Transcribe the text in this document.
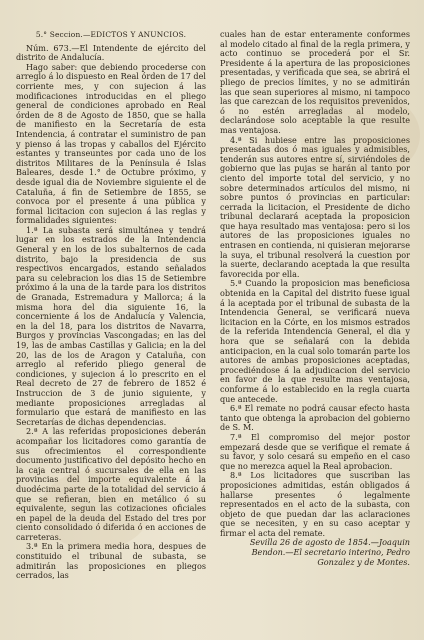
5.° Seccion.—EDICTOS Y ANUNCIOS.

Núm. 673.—El Intendente de ejército del distrito de Andalucía.

Hago saber: que debiendo procederse con arreglo á lo dispuesto en Real órden de 17 del corriente mes, y con sujecion á las modificaciones introducidas en el pliego general de condiciones aprobado en Real órden de 8 de Agosto de 1850, que se halla de manifiesto en la Secretaría de esta Intendencia, á contratar el suministro de pan y pienso á las tropas y caballos del Ejército estantes y transeuntes por cada uno de los distritos Militares de la Península é Islas Baleares, desde 1.° de Octubre próximo, y desde igual dia de Noviembre siguiente el de Cataluña, á fin de Setiembre de 1855, se convoca por el presente á una pública y formal licitacion con sujecion á las reglas y formalidades siguientes:

1.ª La subasta será simultánea y tendrá lugar en los estrados de la Intendencia General y en los de los subalternos de cada distrito, bajo la presidencia de sus respectivos encargados, estando señalados para su celebracion los dias 15 de Setiembre próximo á la una de la tarde para los distritos de Granada, Estremadura y Mallorca; á la misma hora del dia siguiente 16, la concerniente á los de Andalucía y Valencia, en la del 18, para los distritos de Navarra, Burgos y provincias Vascongadas; en las del 19, las de ambas Castillas y Galicia; en la del 20, las de los de Aragon y Cataluña, con arreglo al referido pliego general de condiciones, y sujecion á lo prescrito en el Real decreto de 27 de febrero de 1852 é Instruccion de 3 de junio siguiente, y mediante proposiciones arregladas al formulario que estará de manifiesto en las Secretarías de dichas dependencias.

2.ª A las referidas proposiciones deberán acompañar los licitadores como garantía de sus ofrecimientos el correspondiente documento justificativo del depósito hecho en la caja central ó sucursales de ella en las provincias del importe equivalente á la duodécima parte de la totalidad del servicio á que se refieran, bien en metálico ó su equivalente, segun las cotizaciones oficiales en papel de la deuda del Estado del tres por ciento consolidado ó diferida ó en acciones de carreteras.

3.ª En la primera media hora, despues de constituido el tribunal de subasta, se admitirán las proposiciones en pliegos cerrados, las

cuales han de estar enteramente conformes al modelo citado al final de la regla primera, y acto continuo se procederá por el Sr. Presidente á la apertura de las proposiciones presentadas, y verificada que sea, se abrirá el pliego de precios límites, y no se admitirán las que sean superiores al mismo, ni tampoco las que carezcan de los requisitos prevenidos, ó no estén arregladas al modelo, declarándose solo aceptable la que resulte mas ventajosa.

4.ª Si hubiese entre las proposiciones presentadas dos ó mas iguales y admisibles, tenderán sus autores entre sí, sirviéndoles de gobierno que las pujas se harán al tanto por ciento del importe total del servicio, y no sobre determinados artículos del mismo, ni sobre puntos ó provincias en particular: cerrada la licitacion, el Presidente de dicho tribunal declarará aceptada la proposicion que haya resultado mas ventajosa: pero si los autores de las proposiciones iguales no entrasen en contienda, ni quisieran mejorarse la suya, el tribunal resolverá la cuestion por la suerte, declarando aceptada la que resulta favorecida por ella.

5.ª Cuando la proposicion mas beneficiosa obtenida en la Capital del distrito fuese igual á la aceptada por el tribunal de subasta de la Intendencia General, se verificará nueva licitacion en la Córte, en los mismos estrados de la referida Intendencia General, el dia y hora que se señalará con la debida anticipacion, en la cual solo tomarán parte los autores de ambas proposiciones aceptadas, procediéndose á la adjudicacion del servicio en favor de la que resulte mas ventajosa, conforme á lo establecido en la regla cuarta que antecede.

6.ª El remate no podrá causar efecto hasta tanto que obtenga la aprobacion del gobierno de S. M.

7.ª El compromiso del mejor postor empezará desde que se verifique el remate á su favor, y solo cesará su empeño en el caso que no merezca aquel la Real aprobacion.

8.ª Los licitadores que suscriban las proposiciones admitidas, están obligados á hallarse presentes ó legalmente representados en el acto de la subasta, con objeto de que puedan dar las aclaraciones que se necesiten, y en su caso aceptar y firmar el acta del remate.

Sevilla 26 de agosto de 1854.—Joaquin Bendon.—El secretario interino, Pedro Gonzalez y de Montes.
